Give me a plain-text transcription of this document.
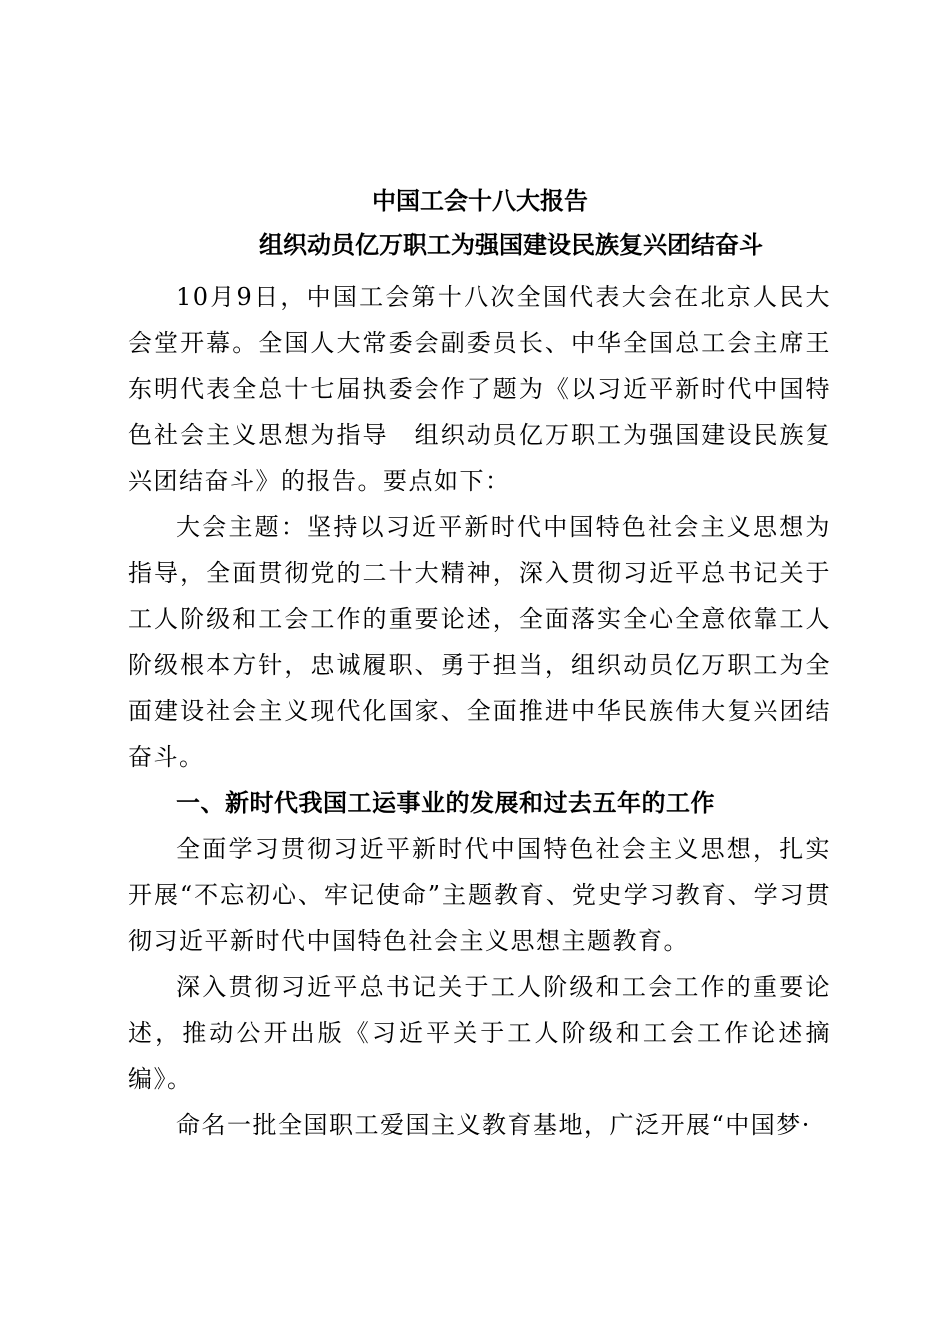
中国工会十八大报告
组织动员亿万职工为强国建设民族复兴团结奋斗

10月9日，中国工会第十八次全国代表大会在北京人民大会堂开幕。全国人大常委会副委员长、中华全国总工会主席王东明代表全总十七届执委会作了题为《以习近平新时代中国特色社会主义思想为指导　组织动员亿万职工为强国建设民族复兴团结奋斗》的报告。要点如下：

大会主题：坚持以习近平新时代中国特色社会主义思想为指导，全面贯彻党的二十大精神，深入贯彻习近平总书记关于工人阶级和工会工作的重要论述，全面落实全心全意依靠工人阶级根本方针，忠诚履职、勇于担当，组织动员亿万职工为全面建设社会主义现代化国家、全面推进中华民族伟大复兴团结奋斗。

一、新时代我国工运事业的发展和过去五年的工作

全面学习贯彻习近平新时代中国特色社会主义思想，扎实开展“不忘初心、牢记使命”主题教育、党史学习教育、学习贯彻习近平新时代中国特色社会主义思想主题教育。

深入贯彻习近平总书记关于工人阶级和工会工作的重要论述，推动公开出版《习近平关于工人阶级和工会工作论述摘编》。

命名一批全国职工爱国主义教育基地，广泛开展“中国梦·
